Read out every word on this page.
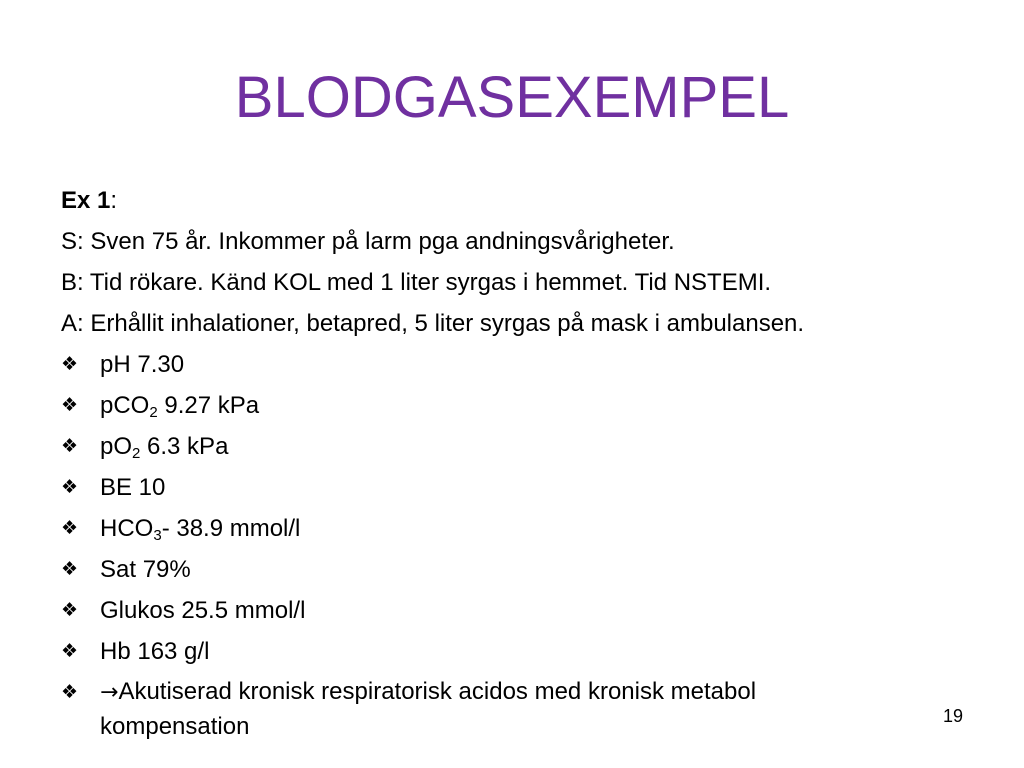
BLODGASEXEMPEL
Ex 1:
S: Sven 75 år. Inkommer på larm pga andningsvårigheter.
B: Tid rökare. Känd KOL med 1 liter syrgas i hemmet. Tid NSTEMI.
A: Erhållit inhalationer, betapred, 5 liter syrgas på mask i ambulansen.
❖ pH 7.30
❖ pCO$_2$ 9.27 kPa
❖ $pO_2$ 6.3 kPa
❖ BE 10
❖ $HCO_3-$ 38.9 mmol/l
❖ Sat 79%
❖ Glukos 25.5 mmol/l
❖ Hb 163 g/l
❖ →Akutiserad kronisk respiratorisk acidos med kronisk metabol
kompensation	19
